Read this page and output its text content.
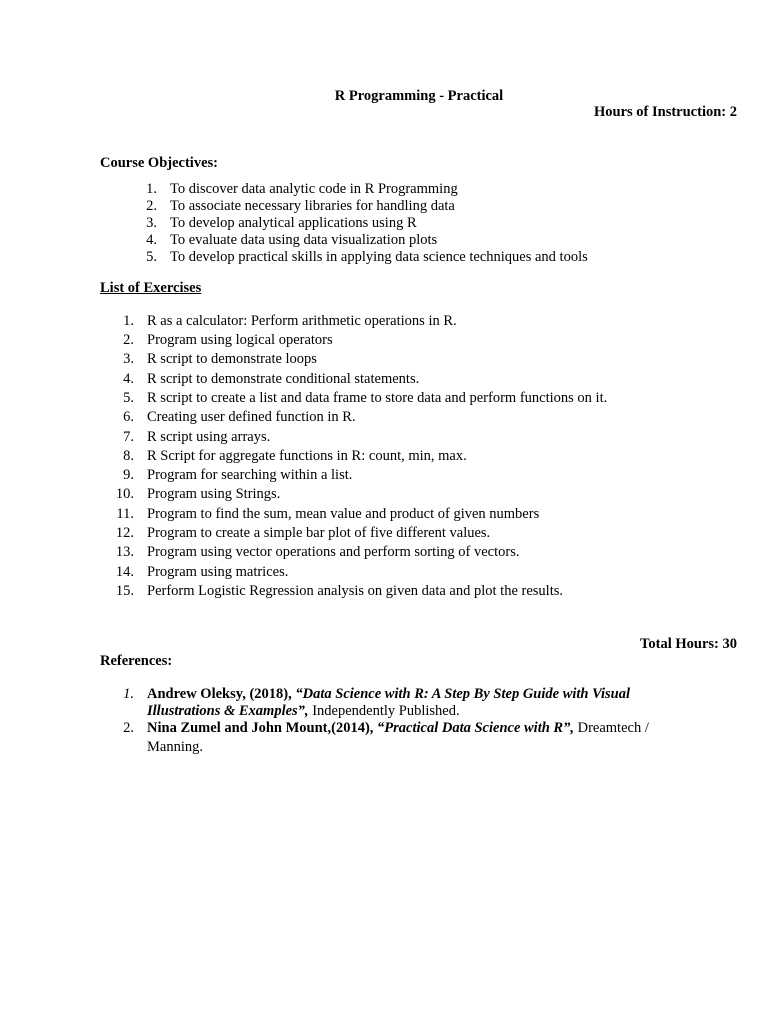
R Programming - Practical
Hours of Instruction: 2
Course Objectives:
1. To discover data analytic code in R Programming
2. To associate necessary libraries for handling data
3. To develop analytical applications using R
4. To evaluate data using data visualization plots
5. To develop practical skills in applying data science techniques and tools
List of Exercises
1. R as a calculator: Perform arithmetic operations in R.
2. Program using logical operators
3. R script to demonstrate loops
4. R script to demonstrate conditional statements.
5. R script to create a list and data frame to store data and perform functions on it.
6. Creating user defined function in R.
7. R script using arrays.
8. R Script for aggregate functions in R: count, min, max.
9. Program for searching within a list.
10. Program using Strings.
11. Program to find the sum, mean value and product of given numbers
12. Program to create a simple bar plot of five different values.
13. Program using vector operations and perform sorting of vectors.
14. Program using matrices.
15. Perform Logistic Regression analysis on given data and plot the results.
Total Hours: 30
References:
1. Andrew Oleksy, (2018), “Data Science with R: A Step By Step Guide with Visual
Illustrations & Examples”, Independently Published.
2. Nina Zumel and John Mount,(2014), “Practical Data Science with R”, Dreamtech /
Manning.
